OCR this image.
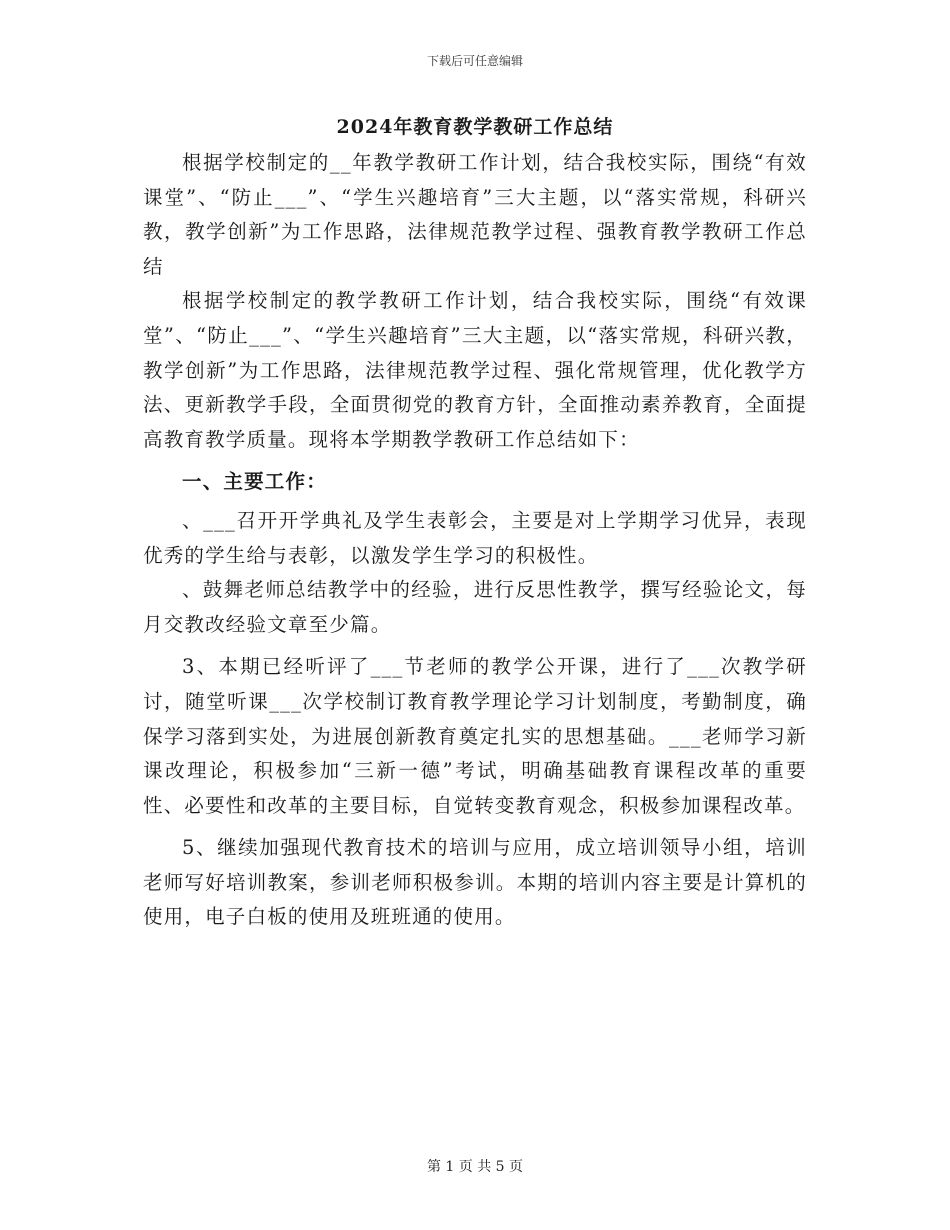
下载后可任意编辑
2024年教育教学教研工作总结

根据学校制定的__年教学教研工作计划，结合我校实际，围绕“有效课堂”、“防止___”、“学生兴趣培育”三大主题，以“落实常规，科研兴教，教学创新”为工作思路，法律规范教学过程、强教育教学教研工作总结

根据学校制定的教学教研工作计划，结合我校实际，围绕“有效课堂”、“防止___”、“学生兴趣培育”三大主题，以“落实常规，科研兴教，教学创新”为工作思路，法律规范教学过程、强化常规管理，优化教学方法、更新教学手段，全面贯彻党的教育方针，全面推动素养教育，全面提高教育教学质量。现将本学期教学教研工作总结如下：

一、主要工作：

、___召开开学典礼及学生表彰会，主要是对上学期学习优异，表现优秀的学生给与表彰，以激发学生学习的积极性。

、鼓舞老师总结教学中的经验，进行反思性教学，撰写经验论文，每月交教改经验文章至少篇。

3、本期已经听评了___节老师的教学公开课，进行了___次教学研讨，随堂听课___次学校制订教育教学理论学习计划制度，考勤制度，确保学习落到实处，为进展创新教育奠定扎实的思想基础。___老师学习新课改理论，积极参加“三新一德”考试，明确基础教育课程改革的重要性、必要性和改革的主要目标，自觉转变教育观念，积极参加课程改革。

5、继续加强现代教育技术的培训与应用，成立培训领导小组，培训老师写好培训教案，参训老师积极参训。本期的培训内容主要是计算机的使用，电子白板的使用及班班通的使用。

第 1 页 共 5 页
